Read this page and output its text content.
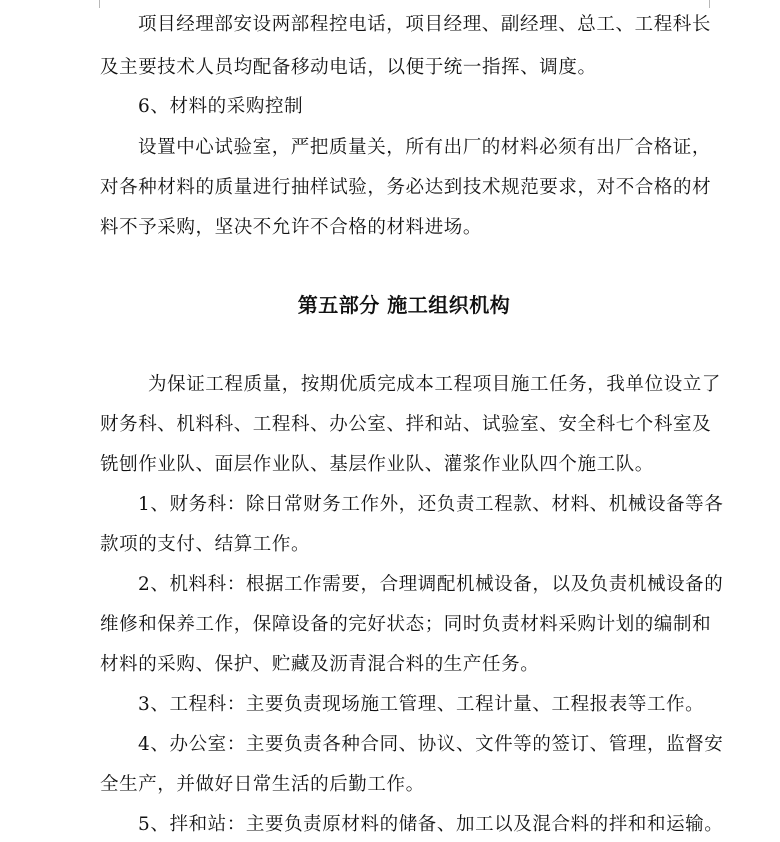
项目经理部安设两部程控电话，项目经理、副经理、总工、工程科长
及主要技术人员均配备移动电话，以便于统一指挥、调度。
6、材料的采购控制
设置中心试验室，严把质量关，所有出厂的材料必须有出厂合格证，
对各种材料的质量进行抽样试验，务必达到技术规范要求，对不合格的材
料不予采购，坚决不允许不合格的材料进场。
第五部分 施工组织机构
为保证工程质量，按期优质完成本工程项目施工任务，我单位设立了
财务科、机料科、工程科、办公室、拌和站、试验室、安全科七个科室及
铣刨作业队、面层作业队、基层作业队、灌浆作业队四个施工队。
1、财务科：除日常财务工作外，还负责工程款、材料、机械设备等各
款项的支付、结算工作。
2、机料科：根据工作需要，合理调配机械设备，以及负责机械设备的
维修和保养工作，保障设备的完好状态；同时负责材料采购计划的编制和
材料的采购、保护、贮藏及沥青混合料的生产任务。
3、工程科：主要负责现场施工管理、工程计量、工程报表等工作。
4、办公室：主要负责各种合同、协议、文件等的签订、管理，监督安
全生产，并做好日常生活的后勤工作。
5、拌和站：主要负责原材料的储备、加工以及混合料的拌和和运输。
